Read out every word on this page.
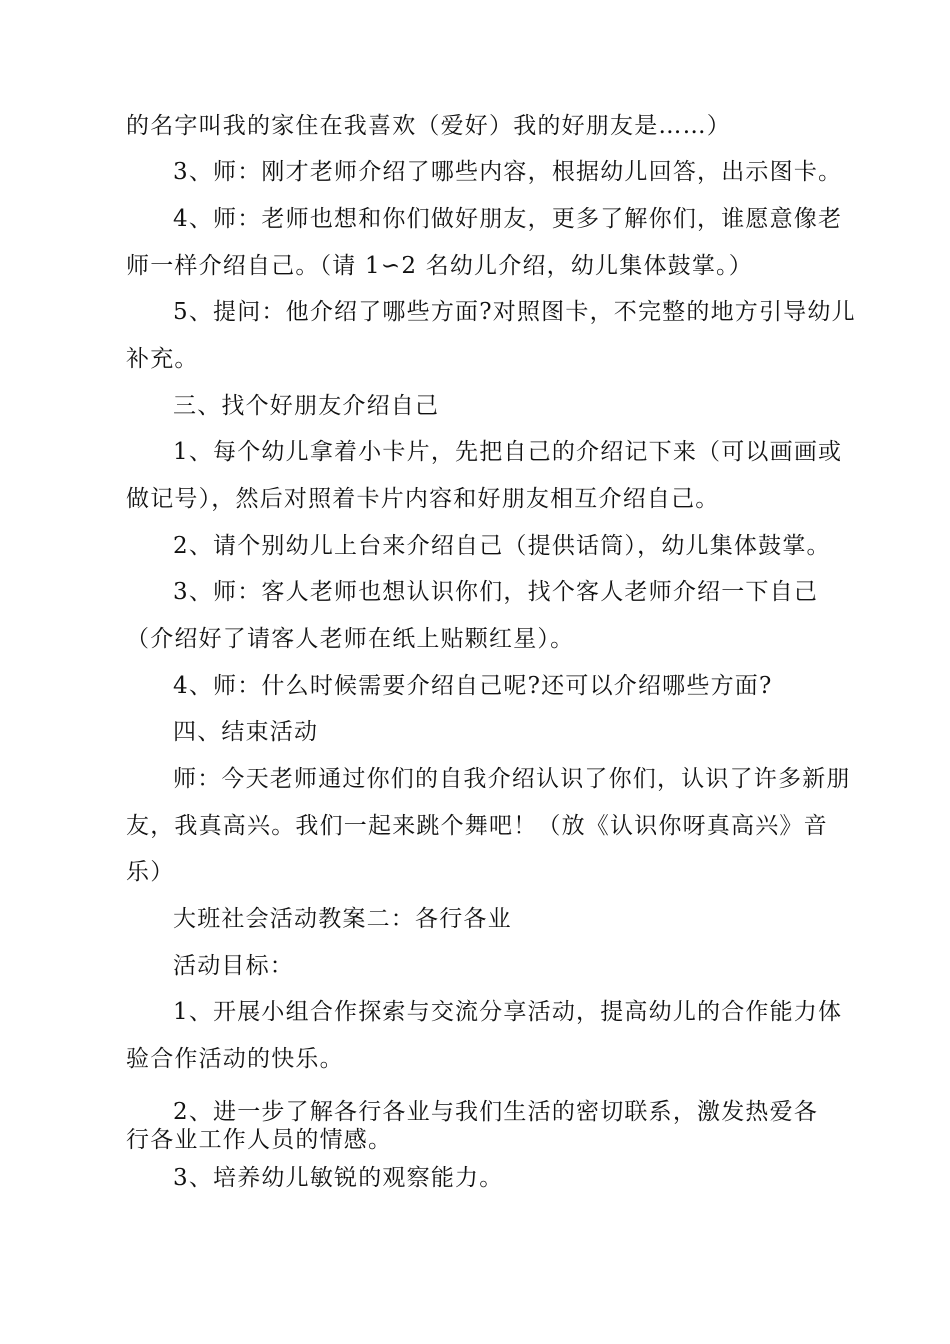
的名字叫我的家住在我喜欢（爱好）我的好朋友是……）
3、师：刚才老师介绍了哪些内容，根据幼儿回答，出示图卡。
4、师：老师也想和你们做好朋友，更多了解你们，谁愿意像老
师一样介绍自己。（请 1∽2 名幼儿介绍，幼儿集体鼓掌。）
5、提问：他介绍了哪些方面?对照图卡，不完整的地方引导幼儿
补充。
三、找个好朋友介绍自己
1、每个幼儿拿着小卡片，先把自己的介绍记下来（可以画画或
做记号），然后对照着卡片内容和好朋友相互介绍自己。
2、请个别幼儿上台来介绍自己（提供话筒），幼儿集体鼓掌。
3、师：客人老师也想认识你们，找个客人老师介绍一下自己
（介绍好了请客人老师在纸上贴颗红星）。
4、师：什么时候需要介绍自己呢?还可以介绍哪些方面?
四、结束活动
师：今天老师通过你们的自我介绍认识了你们，认识了许多新朋
友，我真高兴。我们一起来跳个舞吧！（放《认识你呀真高兴》音
乐）
大班社会活动教案二：各行各业
活动目标：
1、开展小组合作探索与交流分享活动，提高幼儿的合作能力体
验合作活动的快乐。
2、进一步了解各行各业与我们生活的密切联系，激发热爱各
行各业工作人员的情感。
3、培养幼儿敏锐的观察能力。
